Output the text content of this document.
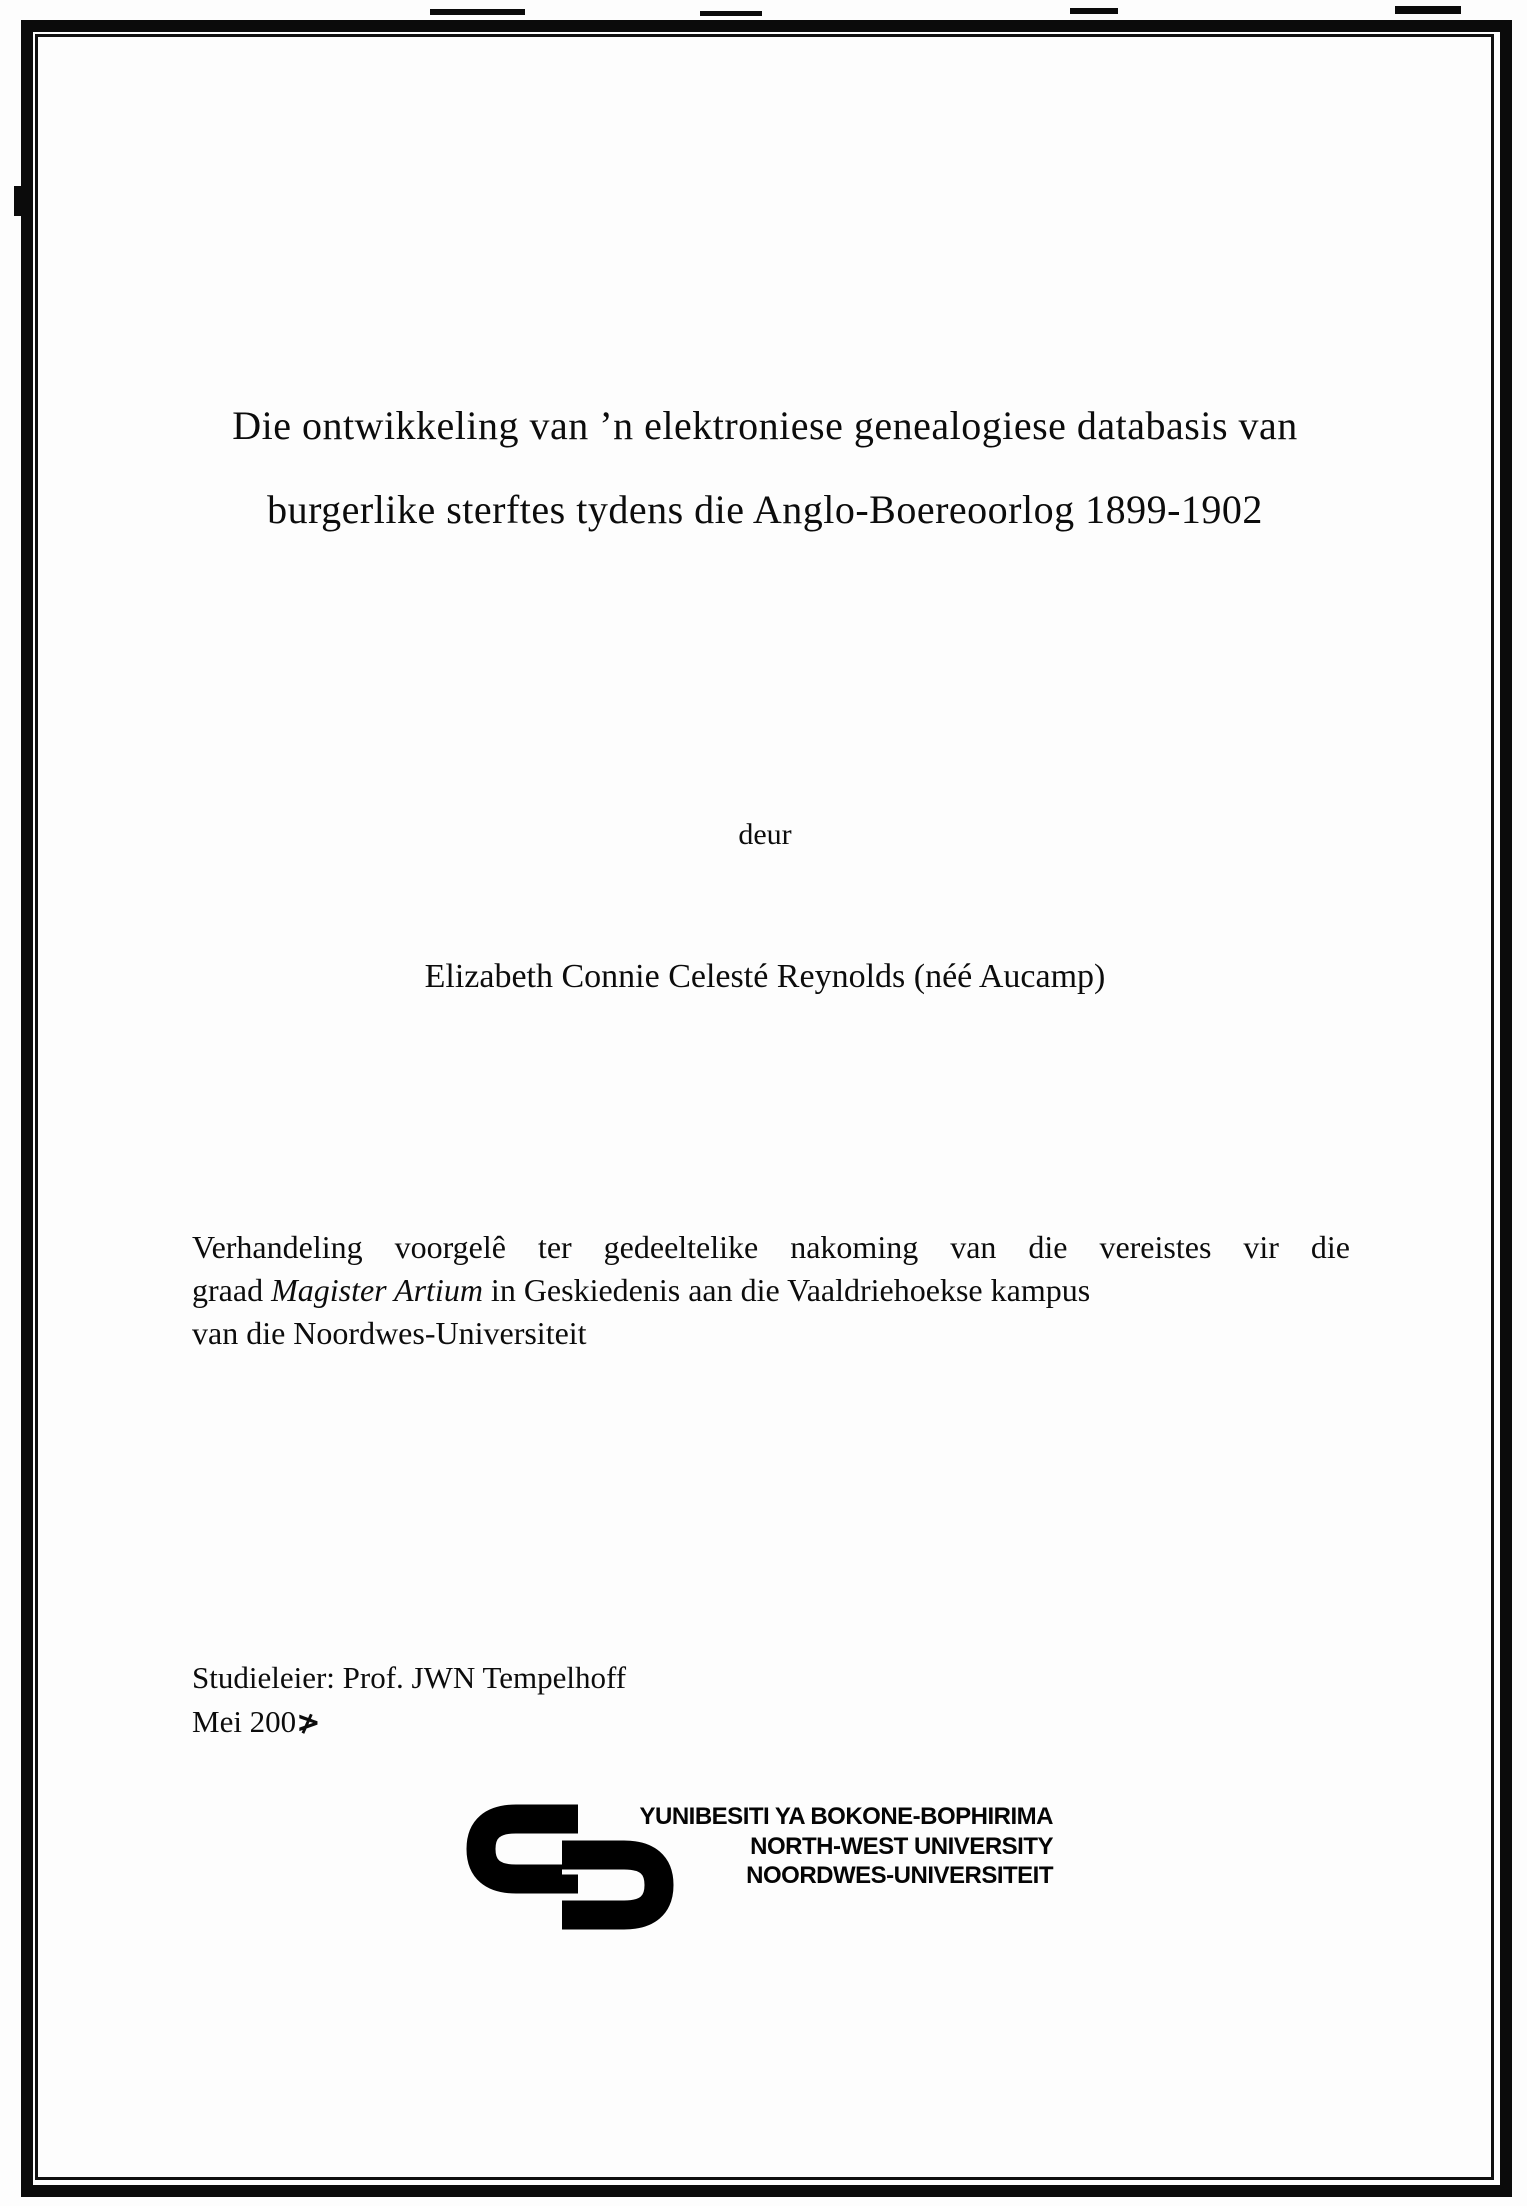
Die ontwikkeling van ’n elektroniese genealogiese databasis van
burgerlike sterftes tydens die Anglo-Boereoorlog 1899-1902
deur
Elizabeth Connie Celesté Reynolds (néé Aucamp)
Verhandeling voorgelê ter gedeeltelike nakoming van die vereistes vir die
graad Magister Artium in Geskiedenis aan die Vaaldriehoekse kampus
van die Noordwes-Universiteit
Studieleier: Prof. JWN Tempelhoff
Mei 200≯
YUNIBESITI YA BOKONE-BOPHIRIMA
NORTH-WEST UNIVERSITY
NOORDWES-UNIVERSITEIT
